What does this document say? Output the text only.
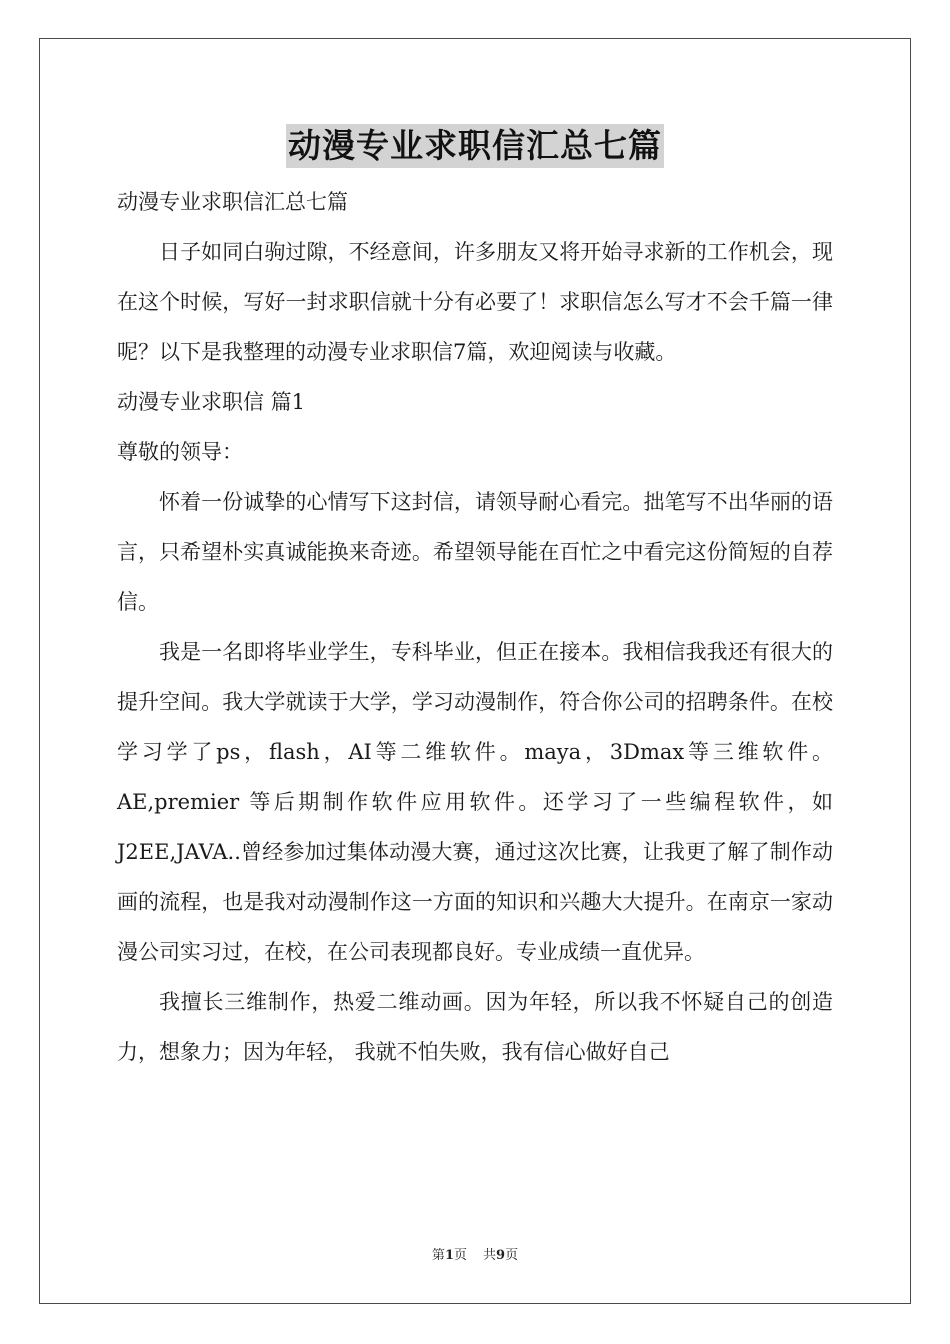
动漫专业求职信汇总七篇

动漫专业求职信汇总七篇

日子如同白驹过隙，不经意间，许多朋友又将开始寻求新的工作机会，现在这个时候，写好一封求职信就十分有必要了！求职信怎么写才不会千篇一律呢？以下是我整理的动漫专业求职信7篇，欢迎阅读与收藏。

动漫专业求职信 篇1

尊敬的领导：

怀着一份诚挚的心情写下这封信，请领导耐心看完。拙笔写不出华丽的语言，只希望朴实真诚能换来奇迹。希望领导能在百忙之中看完这份简短的自荐信。

我是一名即将毕业学生，专科毕业，但正在接本。我相信我我还有很大的提升空间。我大学就读于大学，学习动漫制作，符合你公司的招聘条件。在校学习学了ps，flash，AI等二维软件。maya，3Dmax等三维软件。AE,premier 等后期制作软件应用软件。还学习了一些编程软件，如J2EE,JAVA..曾经参加过集体动漫大赛，通过这次比赛，让我更了解了制作动画的流程，也是我对动漫制作这一方面的知识和兴趣大大提升。在南京一家动漫公司实习过，在校，在公司表现都良好。专业成绩一直优异。

我擅长三维制作，热爱二维动画。因为年轻，所以我不怀疑自己的创造力，想象力；因为年轻， 我就不怕失败，我有信心做好自己

第1页 共9页
